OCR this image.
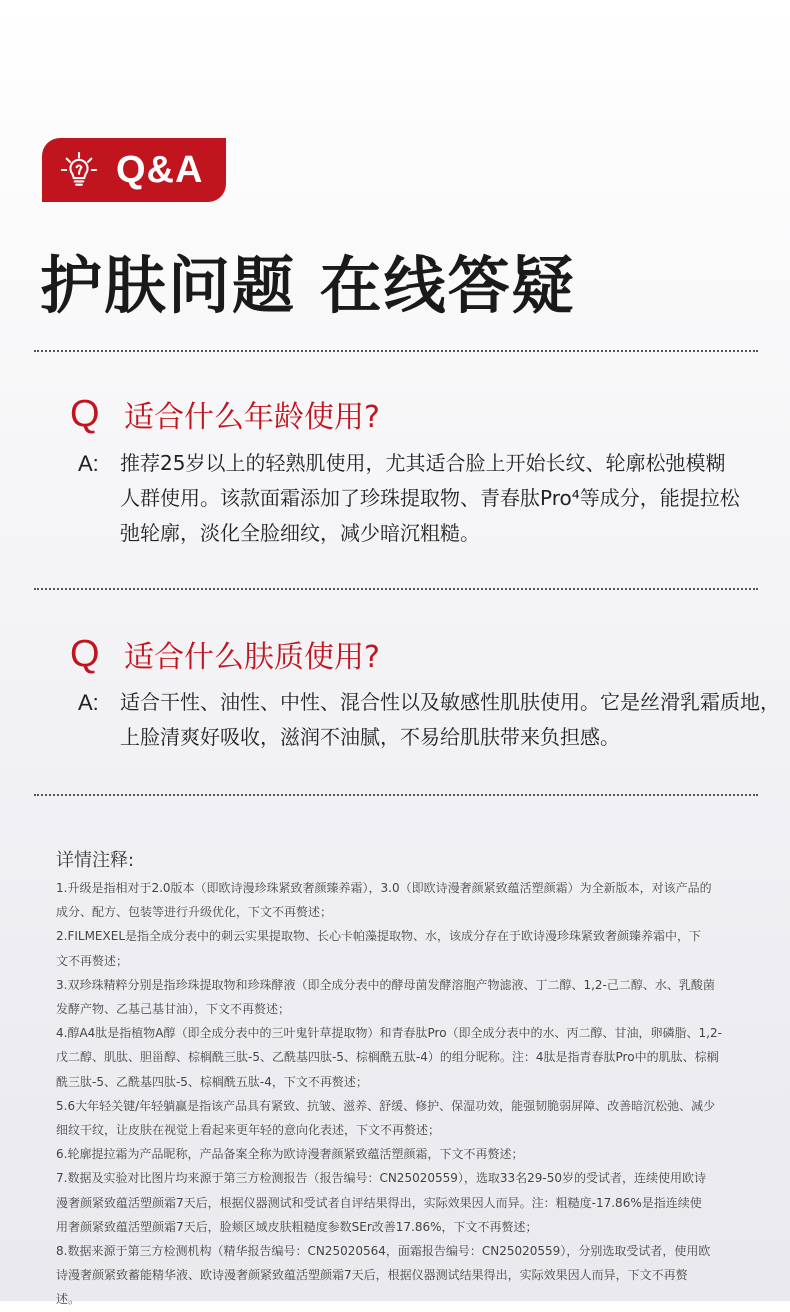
Q&A
护肤问题 在线答疑
Q 适合什么年龄使用?
A:	推荐25岁以上的轻熟肌使用，尤其适合脸上开始长纹、轮廓松弛模糊
人群使用。该款面霜添加了珍珠提取物、青春肽Pro⁴等成分，能提拉松
弛轮廓，淡化全脸细纹，减少暗沉粗糙。
Q 适合什么肤质使用?
A:	适合干性、油性、中性、混合性以及敏感性肌肤使用。它是丝滑乳霜质地，
上脸清爽好吸收，滋润不油腻，不易给肌肤带来负担感。
详情注释:
1.升级是指相对于2.0版本（即欧诗漫珍珠紧致奢颜臻养霜），3.0（即欧诗漫奢颜紧致蕴活塑颜霜）为全新版本，对该产品的
成分、配方、包装等进行升级优化，下文不再赘述；
2.FILMEXEL是指全成分表中的刺云实果提取物、长心卡帕藻提取物、水，该成分存在于欧诗漫珍珠紧致奢颜臻养霜中，下
文不再赘述；
3.双珍珠精粹分别是指珍珠提取物和珍珠酵液（即全成分表中的酵母菌发酵溶胞产物滤液、丁二醇、1,2-己二醇、水、乳酸菌
发酵产物、乙基己基甘油），下文不再赘述；
4.醇A4肽是指植物A醇（即全成分表中的三叶鬼针草提取物）和青春肽Pro（即全成分表中的水、丙二醇、甘油，卵磷脂、1,2-
戊二醇、肌肽、胆甾醇、棕榈酰三肽-5、乙酰基四肽-5、棕榈酰五肽-4）的组分昵称。注：4肽是指青春肽Pro中的肌肽、棕榈
酰三肽-5、乙酰基四肽-5、棕榈酰五肽-4，下文不再赘述；
5.6大年轻关键/年轻躺赢是指该产品具有紧致、抗皱、滋养、舒缓、修护、保湿功效，能强韧脆弱屏障、改善暗沉松弛、减少
细纹干纹，让皮肤在视觉上看起来更年轻的意向化表述，下文不再赘述；
6.轮廓提拉霜为产品昵称，产品备案全称为欧诗漫奢颜紧致蕴活塑颜霜，下文不再赘述；
7.数据及实验对比图片均来源于第三方检测报告（报告编号：CN25020559），选取33名29-50岁的受试者，连续使用欧诗
漫奢颜紧致蕴活塑颜霜7天后，根据仪器测试和受试者自评结果得出，实际效果因人而异。注：粗糙度-17.86%是指连续使
用奢颜紧致蕴活塑颜霜7天后，脸颊区域皮肤粗糙度参数SEr改善17.86%，下文不再赘述；
8.数据来源于第三方检测机构（精华报告编号：CN25020564，面霜报告编号：CN25020559），分别选取受试者，使用欧
诗漫奢颜紧致蓄能精华液、欧诗漫奢颜紧致蕴活塑颜霜7天后，根据仪器测试结果得出，实际效果因人而异，下文不再赘
述。
